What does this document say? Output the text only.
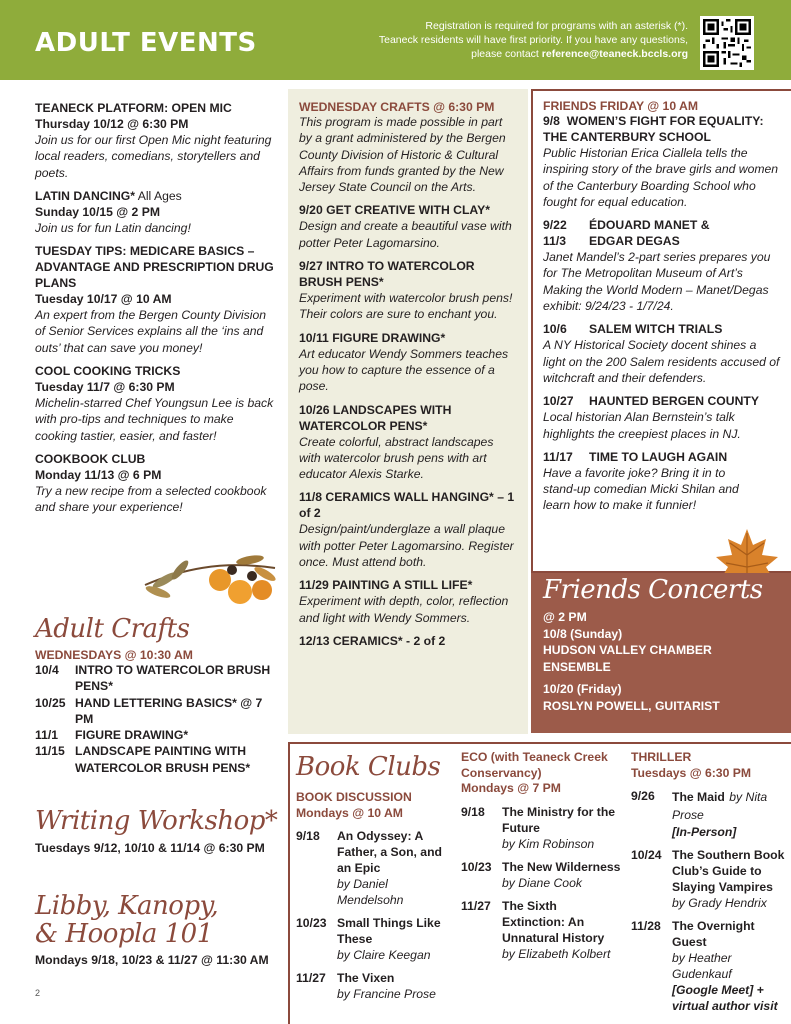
ADULT EVENTS
Registration is required for programs with an asterisk (*).
Teaneck residents will have first priority. If you have any questions,
please contact reference@teaneck.bccls.org
TEANECK PLATFORM: OPEN MIC
Thursday 10/12 @ 6:30 PM
Join us for our first Open Mic night featuring local readers, comedians, storytellers and poets.
LATIN DANCING* All Ages
Sunday 10/15 @ 2 PM
Join us for fun Latin dancing!
TUESDAY TIPS: MEDICARE BASICS – ADVANTAGE AND PRESCRIPTION DRUG PLANS
Tuesday 10/17 @ 10 AM
An expert from the Bergen County Division of Senior Services explains all the ‘ins and outs’ that can save you money!
COOL COOKING TRICKS
Tuesday 11/7 @ 6:30 PM
Michelin-starred Chef Youngsun Lee is back with pro-tips and techniques to make cooking tastier, easier, and faster!
COOKBOOK CLUB
Monday 11/13 @ 6 PM
Try a new recipe from a selected cookbook and share your experience!
WEDNESDAY CRAFTS @ 6:30 PM
This program is made possible in part by a grant administered by the Bergen County Division of Historic & Cultural Affairs from funds granted by the New Jersey State Council on the Arts.
9/20 GET CREATIVE WITH CLAY*
Design and create a beautiful vase with potter Peter Lagomarsino.
9/27 INTRO TO WATERCOLOR BRUSH PENS*
Experiment with watercolor brush pens! Their colors are sure to enchant you.
10/11 FIGURE DRAWING*
Art educator Wendy Sommers teaches you how to capture the essence of a pose.
10/26 LANDSCAPES WITH WATERCOLOR PENS*
Create colorful, abstract landscapes with watercolor brush pens with art educator Alexis Starke.
11/8 CERAMICS WALL HANGING* – 1 of 2
Design/paint/underglaze a wall plaque with potter Peter Lagomarsino. Register once. Must attend both.
11/29 PAINTING A STILL LIFE*
Experiment with depth, color, reflection and light with Wendy Sommers.
12/13 CERAMICS* - 2 of 2
FRIENDS FRIDAY @ 10 AM
9/8 WOMEN’S FIGHT FOR EQUALITY: THE CANTERBURY SCHOOL
Public Historian Erica Ciallela tells the inspiring story of the brave girls and women of the Canterbury Boarding School who fought for equal education.
9/22	ÉDOUARD MANET &
11/3	EDGAR DEGAS
Janet Mandel’s 2-part series prepares you for The Metropolitan Museum of Art’s Making the World Modern – Manet/Degas exhibit: 9/24/23 - 1/7/24.
10/6	SALEM WITCH TRIALS
A NY Historical Society docent shines a light on the 200 Salem residents accused of witchcraft and their defenders.
10/27	HAUNTED BERGEN COUNTY
Local historian Alan Bernstein’s talk highlights the creepiest places in NJ.
11/17	TIME TO LAUGH AGAIN
Have a favorite joke? Bring it in to stand-up comedian Micki Shilan and learn how to make it funnier!
Friends Concerts
@ 2 PM
10/8 (Sunday)
HUDSON VALLEY CHAMBER ENSEMBLE
10/20 (Friday)
ROSLYN POWELL, GUITARIST
Adult Crafts
WEDNESDAYS @ 10:30 AM
10/4	INTRO TO WATERCOLOR BRUSH PENS*
10/25 HAND LETTERING BASICS* @ 7 PM
11/1	FIGURE DRAWING*
11/15 LANDSCAPE PAINTING WITH WATERCOLOR BRUSH PENS*
Writing Workshop*
Tuesdays 9/12, 10/10 & 11/14 @ 6:30 PM
Libby, Kanopy,
& Hoopla 101
Mondays 9/18, 10/23 & 11/27 @ 11:30 AM
2
Book Clubs
BOOK DISCUSSION
Mondays @ 10 AM
9/18	An Odyssey: A Father, a Son, and an Epic
by Daniel Mendelsohn
10/23 Small Things Like These
by Claire Keegan
11/27 The Vixen
by Francine Prose
ECO (with Teaneck Creek Conservancy)
Mondays @ 7 PM
9/18	The Ministry for the Future
by Kim Robinson
10/23 The New Wilderness
by Diane Cook
11/27 The Sixth Extinction: An Unnatural History
by Elizabeth Kolbert
THRILLER
Tuesdays @ 6:30 PM
9/26	The Maid by Nita Prose
[In-Person]
10/24 The Southern Book Club’s Guide to Slaying Vampires
by Grady Hendrix
11/28 The Overnight Guest
by Heather Gudenkauf
[Google Meet] + virtual author visit
